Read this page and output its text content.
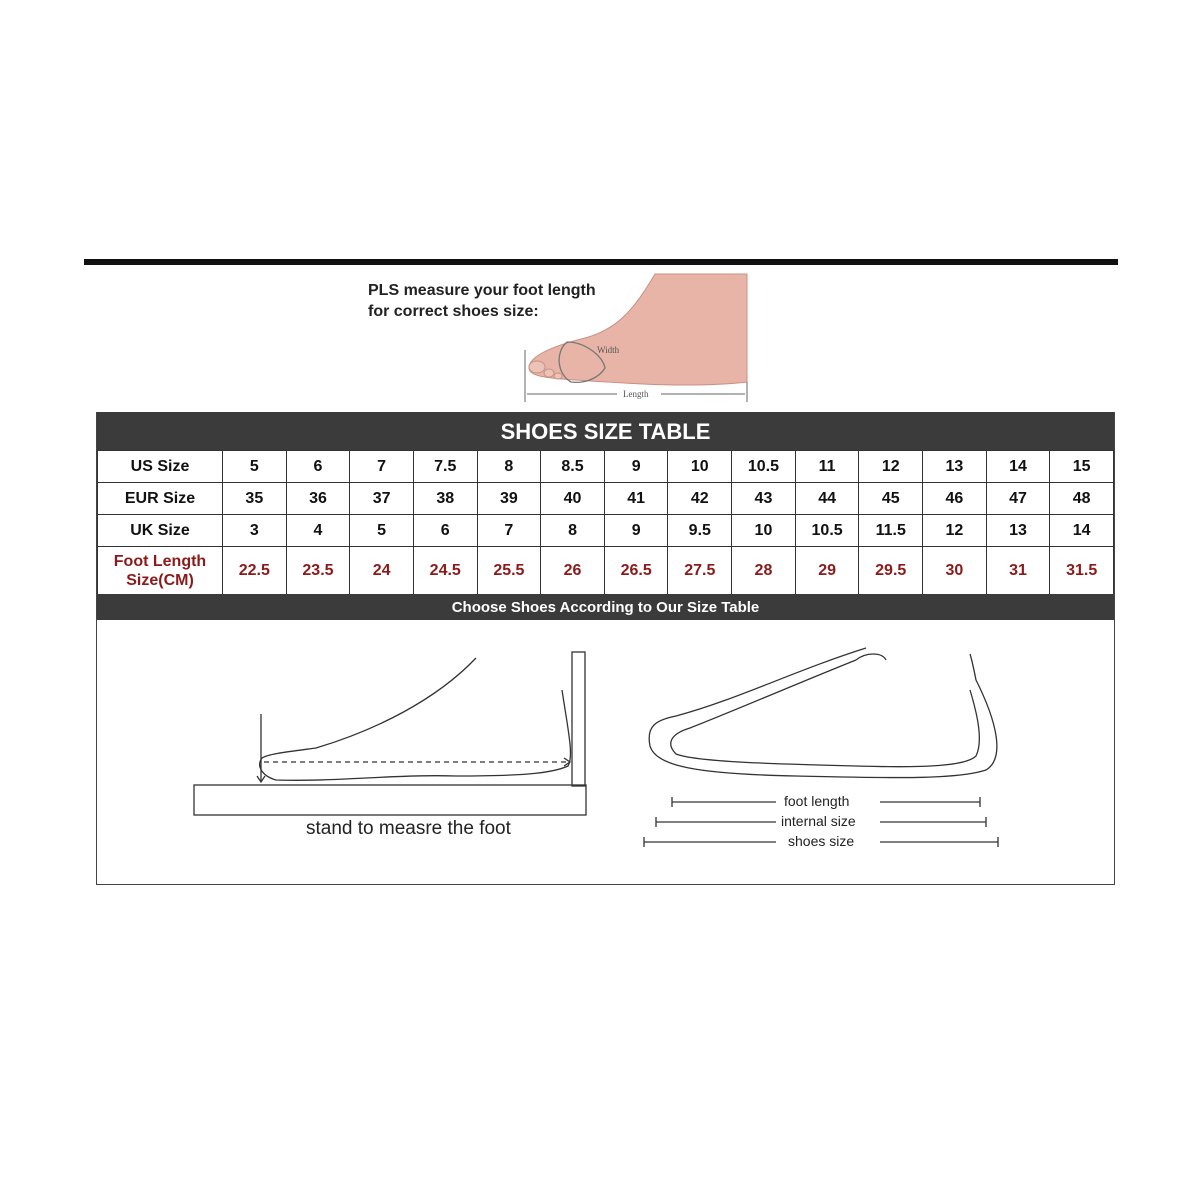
PLS measure your foot length
for correct shoes size:
Width
Length
SHOES SIZE TABLE
US Size	5	6	7	7.5	8	8.5	9	10	10.5	11	12	13	14	15
EUR Size	35	36	37	38	39	40	41	42	43	44	45	46	47	48
UK Size	3	4	5	6	7	8	9	9.5	10	10.5	11.5	12	13	14

Foot Length
Size(CM)	22.5	23.5	24	24.5	25.5	26	26.5	27.5	28	29	29.5	30	31	31.5
Choose Shoes According to Our Size Table
stand to measre the foot
foot length
internal size
shoes size
